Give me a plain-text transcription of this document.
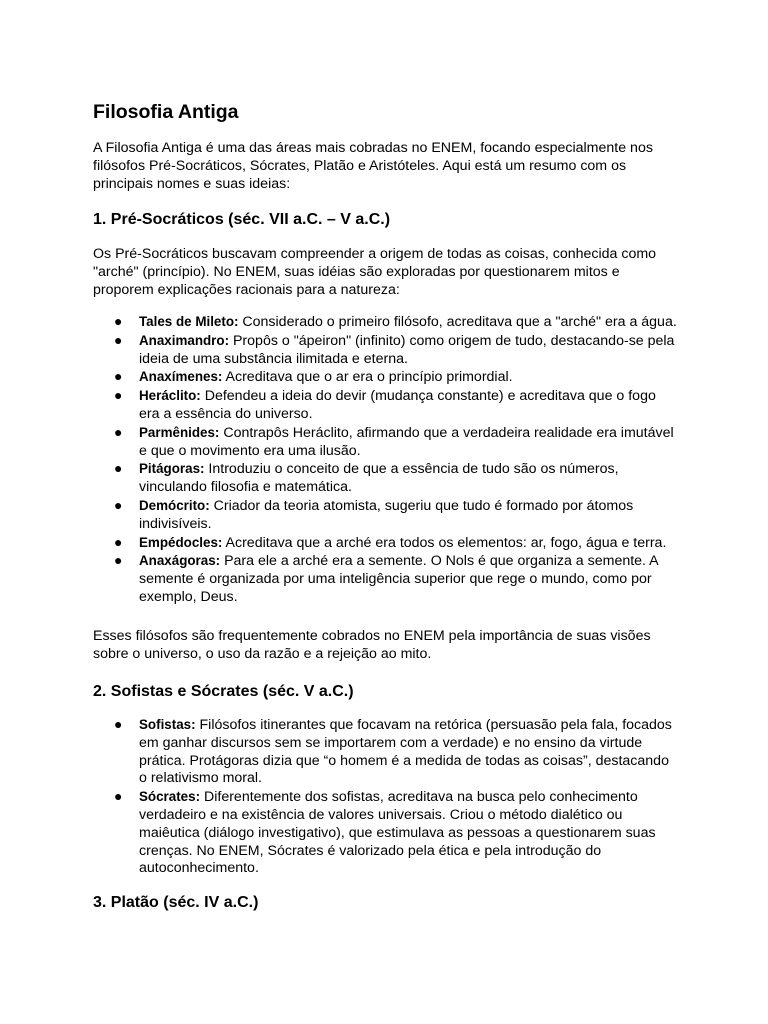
Filosofia Antiga

A Filosofia Antiga é uma das áreas mais cobradas no ENEM, focando especialmente nos filósofos Pré-Socráticos, Sócrates, Platão e Aristóteles. Aqui está um resumo com os principais nomes e suas ideias:

1. Pré-Socráticos (séc. VII a.C. – V a.C.)

Os Pré-Socráticos buscavam compreender a origem de todas as coisas, conhecida como "arché" (princípio). No ENEM, suas idéias são exploradas por questionarem mitos e proporem explicações racionais para a natureza:

● Tales de Mileto: Considerado o primeiro filósofo, acreditava que a "arché" era a água.
● Anaximandro: Propôs o "ápeiron" (infinito) como origem de tudo, destacando-se pela ideia de uma substância ilimitada e eterna.
● Anaxímenes: Acreditava que o ar era o princípio primordial.
● Heráclito: Defendeu a ideia do devir (mudança constante) e acreditava que o fogo era a essência do universo.
● Parmênides: Contrapôs Heráclito, afirmando que a verdadeira realidade era imutável e que o movimento era uma ilusão.
● Pitágoras: Introduziu o conceito de que a essência de tudo são os números, vinculando filosofia e matemática.
● Demócrito: Criador da teoria atomista, sugeriu que tudo é formado por átomos indivisíveis.
● Empédocles: Acreditava que a arché era todos os elementos: ar, fogo, água e terra.
● Anaxágoras: Para ele a arché era a semente. O Nols é que organiza a semente. A semente é organizada por uma inteligência superior que rege o mundo, como por exemplo, Deus.

Esses filósofos são frequentemente cobrados no ENEM pela importância de suas visões sobre o universo, o uso da razão e a rejeição ao mito.

2. Sofistas e Sócrates (séc. V a.C.)
● Sofistas: Filósofos itinerantes que focavam na retórica (persuasão pela fala, focados em ganhar discursos sem se importarem com a verdade) e no ensino da virtude prática. Protágoras dizia que “o homem é a medida de todas as coisas”, destacando o relativismo moral.
● Sócrates: Diferentemente dos sofistas, acreditava na busca pelo conhecimento verdadeiro e na existência de valores universais. Criou o método dialético ou maiêutica (diálogo investigativo), que estimulava as pessoas a questionarem suas crenças. No ENEM, Sócrates é valorizado pela ética e pela introdução do autoconhecimento.
3. Platão (séc. IV a.C.)
